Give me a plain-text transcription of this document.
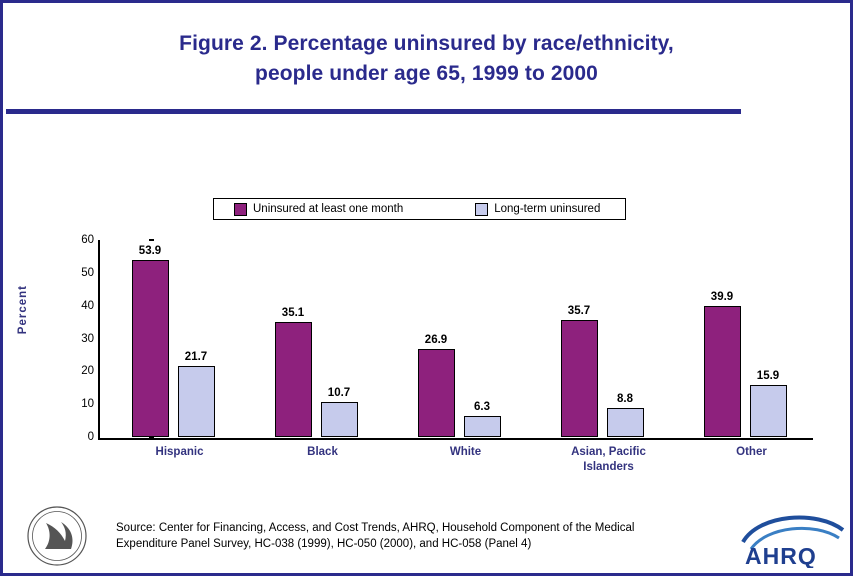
Figure 2. Percentage uninsured by race/ethnicity,
people under age 65, 1999 to 2000
Uninsured at least one month	Long-term uninsured
Percent
0
10
20
30
40
50
60
53.9
21.7
Hispanic
35.1
10.7
Black
26.9
6.3
White
35.7
8.8
Asian, Pacific
Islanders
39.9
15.9
Other
Source: Center for Financing, Access, and Cost Trends, AHRQ, Household Component of the Medical
Expenditure Panel Survey, HC-038 (1999), HC-050 (2000), and HC-058 (Panel 4)	AHRQ
